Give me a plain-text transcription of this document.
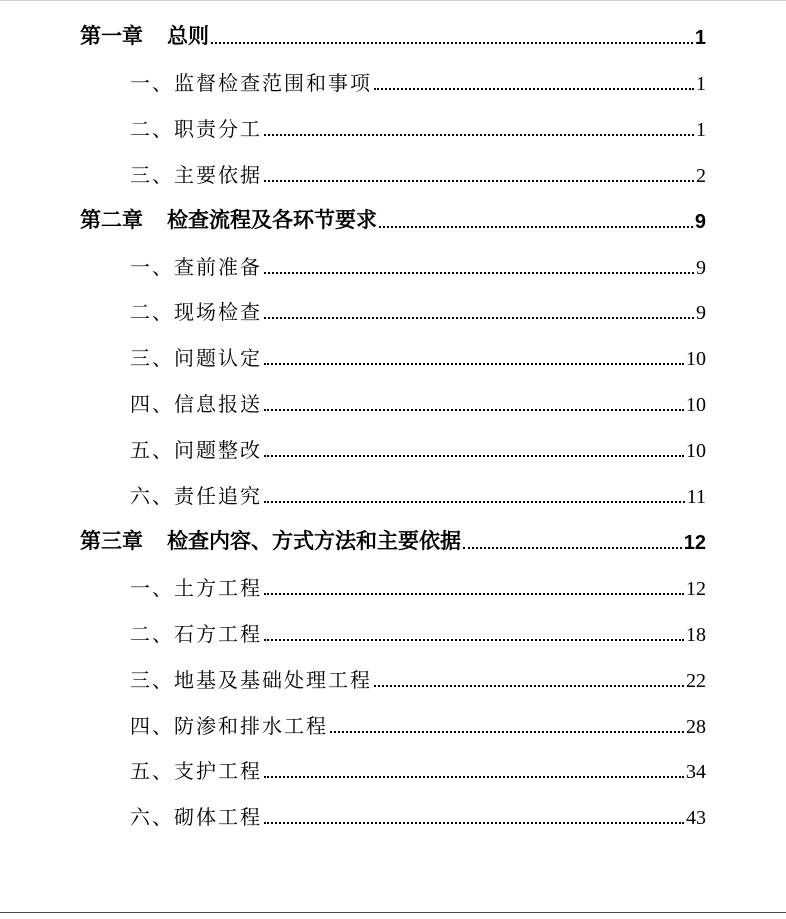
第一章 总则	1
一、 监督检查范围和事项	1
二、 职责分工	1
三、 主要依据	2
第二章 检查流程及各环节要求	9
一、 查前准备	9
二、 现场检查	9
三、 问题认定	10
四、 信息报送	10
五、 问题整改	10
六、 责任追究	11
第三章 检查内容、方式方法和主要依据	12
一、 土方工程	12
二、 石方工程	18
三、 地基及基础处理工程	22
四、 防渗和排水工程	28
五、 支护工程	34
六、 砌体工程	43
